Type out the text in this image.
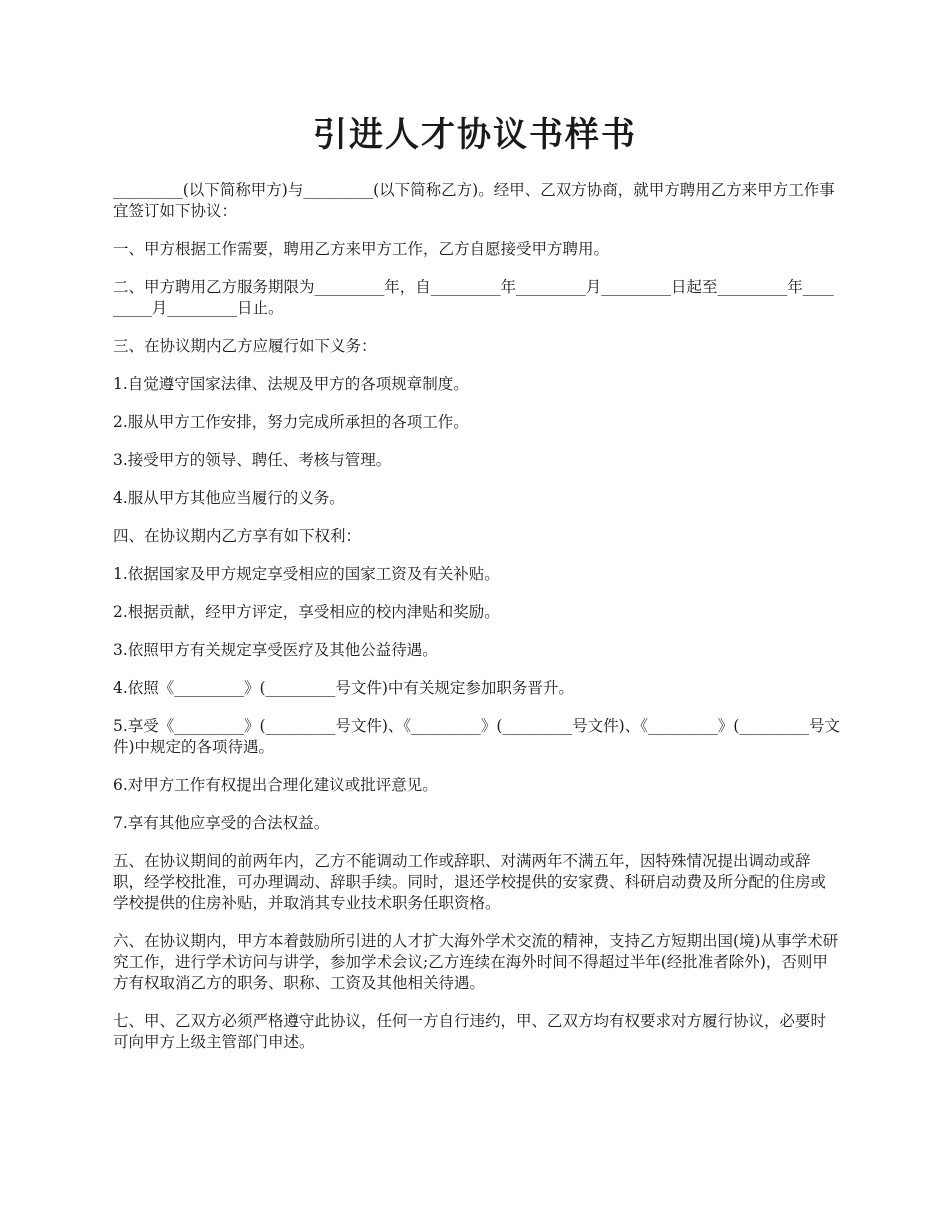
引进人才协议书样书

_________(以下简称甲方)与_________(以下简称乙方)。经甲、乙双方协商，就甲方聘用乙方来甲方工作事宜签订如下协议：

一、甲方根据工作需要，聘用乙方来甲方工作，乙方自愿接受甲方聘用。

二、甲方聘用乙方服务期限为_________年，自_________年_________月_________日起至_________年_________月_________日止。

三、在协议期内乙方应履行如下义务：

1.自觉遵守国家法律、法规及甲方的各项规章制度。

2.服从甲方工作安排，努力完成所承担的各项工作。

3.接受甲方的领导、聘任、考核与管理。

4.服从甲方其他应当履行的义务。

四、在协议期内乙方享有如下权利：

1.依据国家及甲方规定享受相应的国家工资及有关补贴。

2.根据贡献，经甲方评定，享受相应的校内津贴和奖励。

3.依照甲方有关规定享受医疗及其他公益待遇。

4.依照《_________》(_________号文件)中有关规定参加职务晋升。

5.享受《_________》(_________号文件)、《_________》(_________号文件)、《_________》(_________号文件)中规定的各项待遇。

6.对甲方工作有权提出合理化建议或批评意见。

7.享有其他应享受的合法权益。

五、在协议期间的前两年内，乙方不能调动工作或辞职、对满两年不满五年，因特殊情况提出调动或辞职，经学校批准，可办理调动、辞职手续。同时，退还学校提供的安家费、科研启动费及所分配的住房或学校提供的住房补贴，并取消其专业技术职务任职资格。

六、在协议期内，甲方本着鼓励所引进的人才扩大海外学术交流的精神，支持乙方短期出国(境)从事学术研究工作，进行学术访问与讲学，参加学术会议;乙方连续在海外时间不得超过半年(经批准者除外)，否则甲方有权取消乙方的职务、职称、工资及其他相关待遇。

七、甲、乙双方必须严格遵守此协议，任何一方自行违约，甲、乙双方均有权要求对方履行协议，必要时可向甲方上级主管部门申述。
